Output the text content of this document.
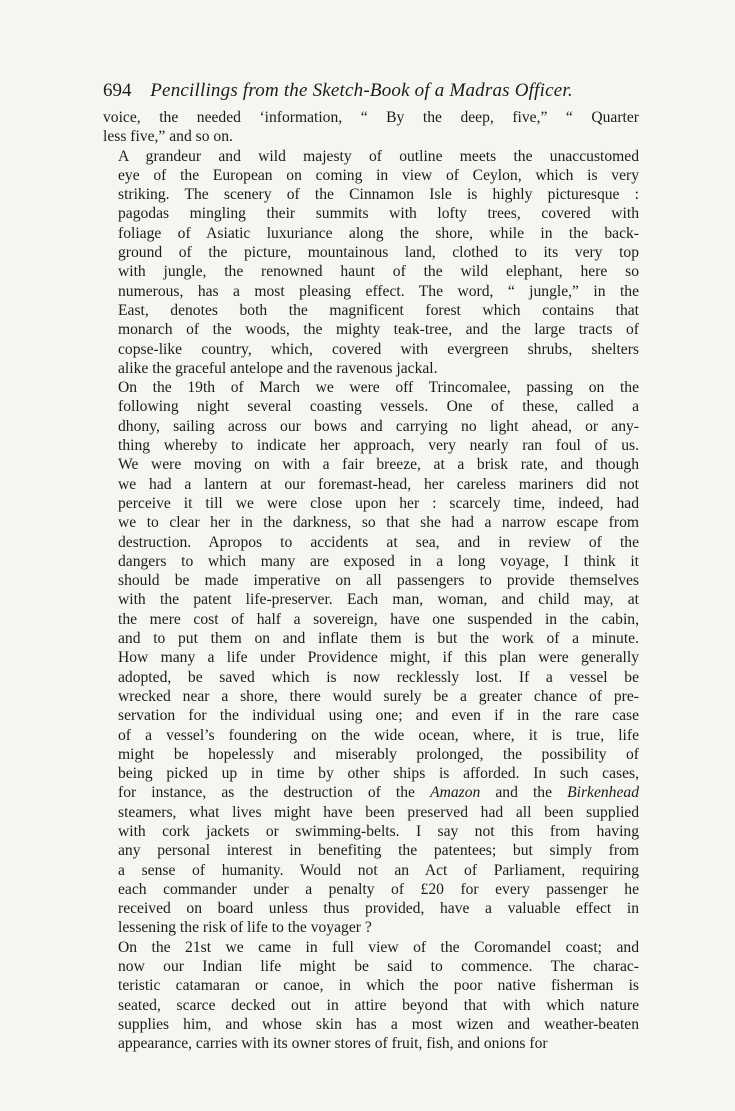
694 Pencillings from the Sketch-Book of a Madras Officer.

voice, the needed ‘information, “ By the deep, five,” “ Quarter
less five,” and so on.

A grandeur and wild majesty of outline meets the unaccustomed
eye of the European on coming in view of Ceylon, which is very
striking. The scenery of the Cinnamon Isle is highly picturesque :
pagodas mingling their summits with lofty trees, covered with
foliage of Asiatic luxuriance along the shore, while in the back-
ground of the picture, mountainous land, clothed to its very top
with jungle, the renowned haunt of the wild elephant, here so
numerous, has a most pleasing effect. The word, “ jungle,” in the
East, denotes both the magnificent forest which contains that
monarch of the woods, the mighty teak-tree, and the large tracts of
copse-like country, which, covered with evergreen shrubs, shelters
alike the graceful antelope and the ravenous jackal.

On the 19th of March we were off Trincomalee, passing on the
following night several coasting vessels. One of these, called a
dhony, sailing across our bows and carrying no light ahead, or any-
thing whereby to indicate her approach, very nearly ran foul of us.
We were moving on with a fair breeze, at a brisk rate, and though
we had a lantern at our foremast-head, her careless mariners did not
perceive it till we were close upon her : scarcely time, indeed, had
we to clear her in the darkness, so that she had a narrow escape from
destruction. Apropos to accidents at sea, and in review of the
dangers to which many are exposed in a long voyage, I think it
should be made imperative on all passengers to provide themselves
with the patent life-preserver. Each man, woman, and child may, at
the mere cost of half a sovereign, have one suspended in the cabin,
and to put them on and inflate them is but the work of a minute.
How many a life under Providence might, if this plan were generally
adopted, be saved which is now recklessly lost. If a vessel be
wrecked near a shore, there would surely be a greater chance of pre-
servation for the individual using one; and even if in the rare case
of a vessel’s foundering on the wide ocean, where, it is true, life
might be hopelessly and miserably prolonged, the possibility of
being picked up in time by other ships is afforded. In such cases,
for instance, as the destruction of the Amazon and the Birkenhead
steamers, what lives might have been preserved had all been supplied
with cork jackets or swimming-belts. I say not this from having
any personal interest in benefiting the patentees; but simply from
a sense of humanity. Would not an Act of Parliament, requiring
each commander under a penalty of £20 for every passenger he
received on board unless thus provided, have a valuable effect in
lessening the risk of life to the voyager ?

On the 21st we came in full view of the Coromandel coast; and
now our Indian life might be said to commence. The charac-
teristic catamaran or canoe, in which the poor native fisherman is
seated, scarce decked out in attire beyond that with which nature
supplies him, and whose skin has a most wizen and weather-beaten
appearance, carries with its owner stores of fruit, fish, and onions for
